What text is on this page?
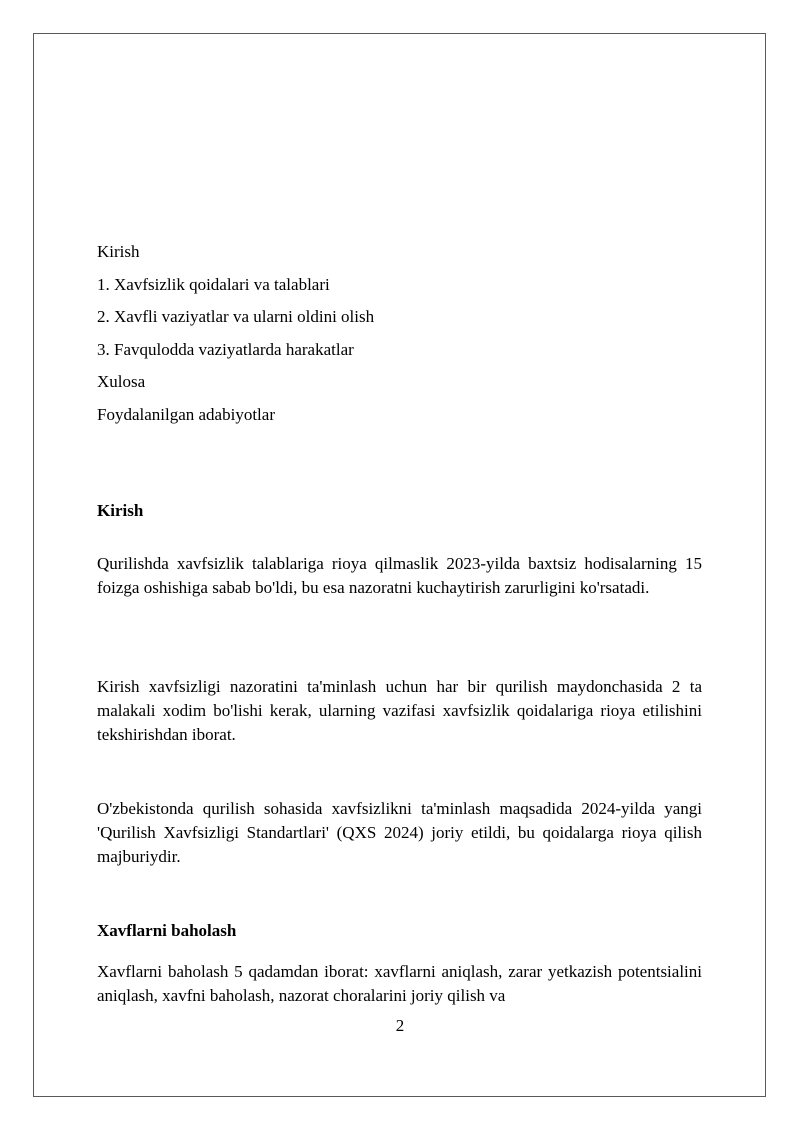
Kirish
1. Xavfsizlik qoidalari va talablari
2. Xavfli vaziyatlar va ularni oldini olish
3. Favqulodda vaziyatlarda harakatlar
Xulosa
Foydalanilgan adabiyotlar
Kirish

Qurilishda xavfsizlik talablariga rioya qilmaslik 2023-yilda baxtsiz hodisalarning 15 foizga oshishiga sabab bo'ldi, bu esa nazoratni kuchaytirish zarurligini ko'rsatadi.

Kirish xavfsizligi nazoratini ta'minlash uchun har bir qurilish maydonchasida 2 ta malakali xodim bo'lishi kerak, ularning vazifasi xavfsizlik qoidalariga rioya etilishini tekshirishdan iborat.

O'zbekistonda qurilish sohasida xavfsizlikni ta'minlash maqsadida 2024-yilda yangi 'Qurilish Xavfsizligi Standartlari' (QXS 2024) joriy etildi, bu qoidalarga rioya qilish majburiydir.

Xavflarni baholash

Xavflarni baholash 5 qadamdan iborat: xavflarni aniqlash, zarar yetkazish potentsialini aniqlash, xavfni baholash, nazorat choralarini joriy qilish va

2
